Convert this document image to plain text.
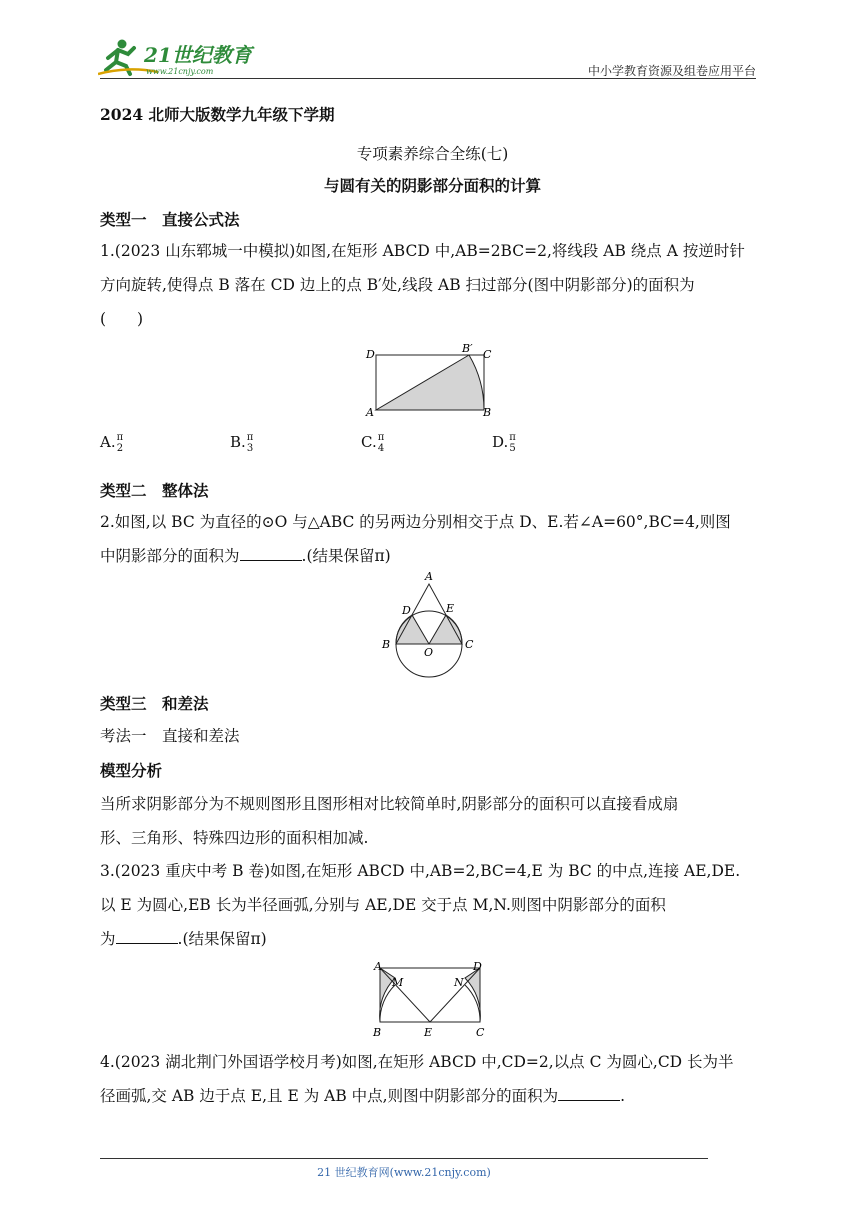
21世纪教育
www.21cnjy.com	中小学教育资源及组卷应用平台
2024 北师大版数学九年级下学期
专项素养综合全练(七)
与圆有关的阴影部分面积的计算
类型一　直接公式法
1.(2023 山东郓城一中模拟)如图,在矩形 ABCD 中,AB=2BC=2,将线段 AB 绕点 A 按逆时针
方向旋转,使得点 B 落在 CD 边上的点 B′处,线段 AB 扫过部分(图中阴影部分)的面积为
(　　)
D	B′ C
A	B
A. π
2	B. π
3	C. π
4	D. π
5
类型二　整体法
2.如图,以 BC 为直径的⊙O 与△ABC 的另两边分别相交于点 D、E.若∠A=60°,BC=4,则图
中阴影部分的面积为	.(结果保留π)
A
D	E
B
O
C
类型三　和差法
考法一　直接和差法
模型分析
当所求阴影部分为不规则图形且图形相对比较简单时,阴影部分的面积可以直接看成扇
形、三角形、特殊四边形的面积相加减.
3.(2023 重庆中考 B 卷)如图,在矩形 ABCD 中,AB=2,BC=4,E 为 BC 的中点,连接 AE,DE.
以 E 为圆心,EB 长为半径画弧,分别与 AE,DE 交于点 M,N.则图中阴影部分的面积
为	.(结果保留π)
A
M	N
D
B	E	C
4.(2023 湖北荆门外国语学校月考)如图,在矩形 ABCD 中,CD=2,以点 C 为圆心,CD 长为半
径画弧,交 AB 边于点 E,且 E 为 AB 中点,则图中阴影部分的面积为	.
21 世纪教育网(www.21cnjy.com)
